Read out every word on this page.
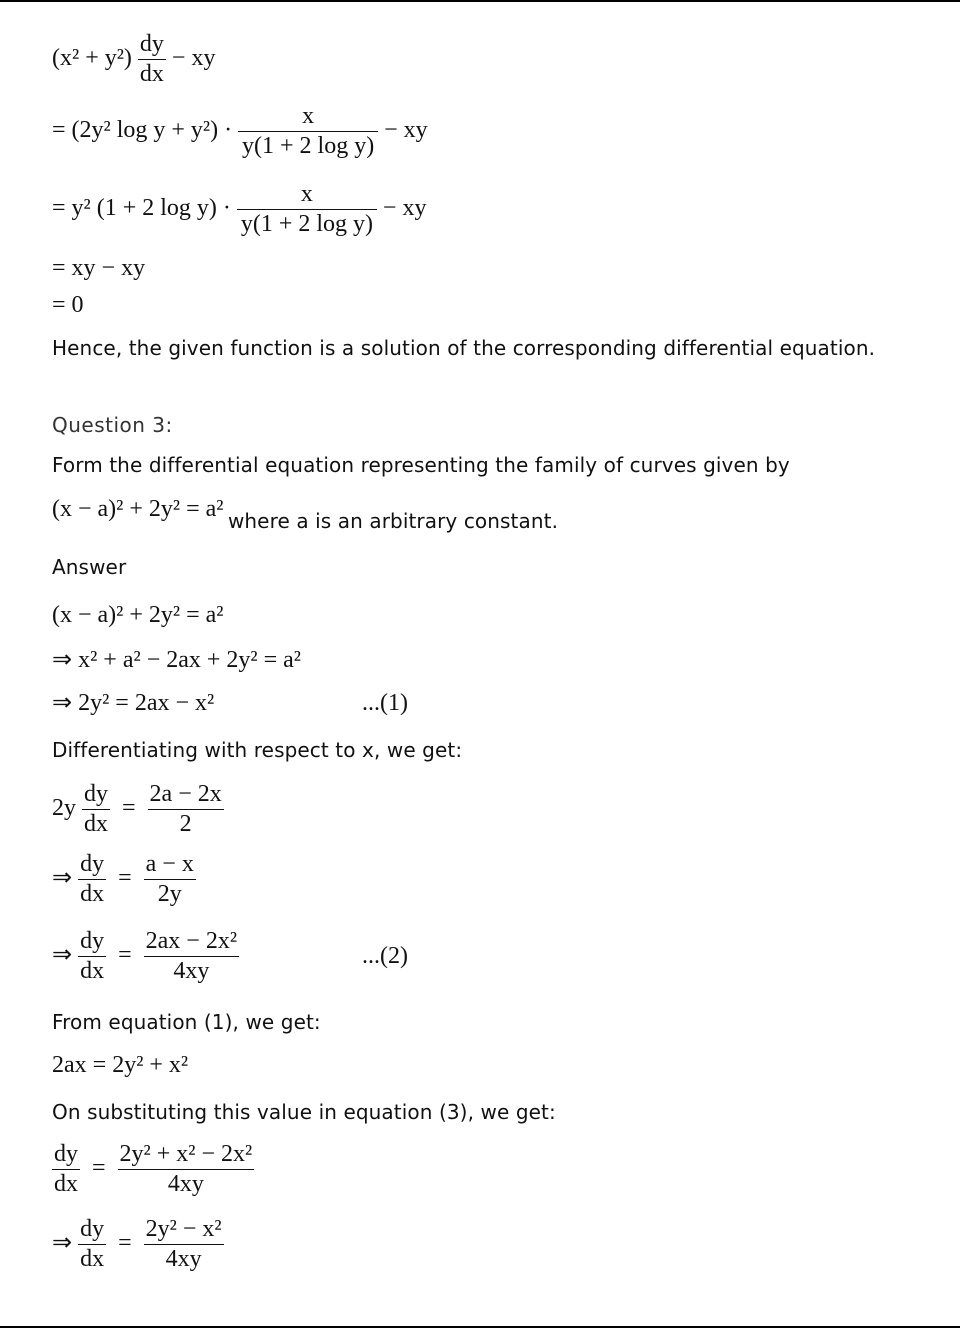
$(x^2 + y^2) \frac{dy}{dx}$ − xy
= (2y² $\log y + y^2) \cdot \frac{x}{\text{y(1 + 2 log y)}}$ − xy
= y² (1 + 2 $\log y) \cdot \frac{x}{\text{y(1 + 2 log y)}}$ − xy
= xy − xy
= 0
Hence, the given function is a solution of the corresponding differential equation.
Question 3:
Form the differential equation representing the family of curves given by
(x − a)² + 2y² = a² where a is an arbitrary constant.
Answer
(x − a)² + 2y² = a²
⇒ x² + a² − 2ax + 2y² = a²
⇒ 2y² = 2ax − x²	...(1)
Differentiating with respect to x, we get:
$2y \frac{dy}{dx} = \frac{2a - 2x}{2}$
⇒ $\frac{dy}{dx} = \frac{a - x}{2y}$
⇒ $\frac{dy}{dx} = \frac{\text{2ax − 2x²}}{4xy}$	...(2)
From equation (1), we get:
2ax = 2y² + x²
On substituting this value in equation (3), we get:
$\frac{dy}{dx} = \frac{\text{2y² + x² − 2x²}}{4xy}$
⇒ $\frac{dy}{dx} = \frac{\text{2y² − x²}}{4xy}$
